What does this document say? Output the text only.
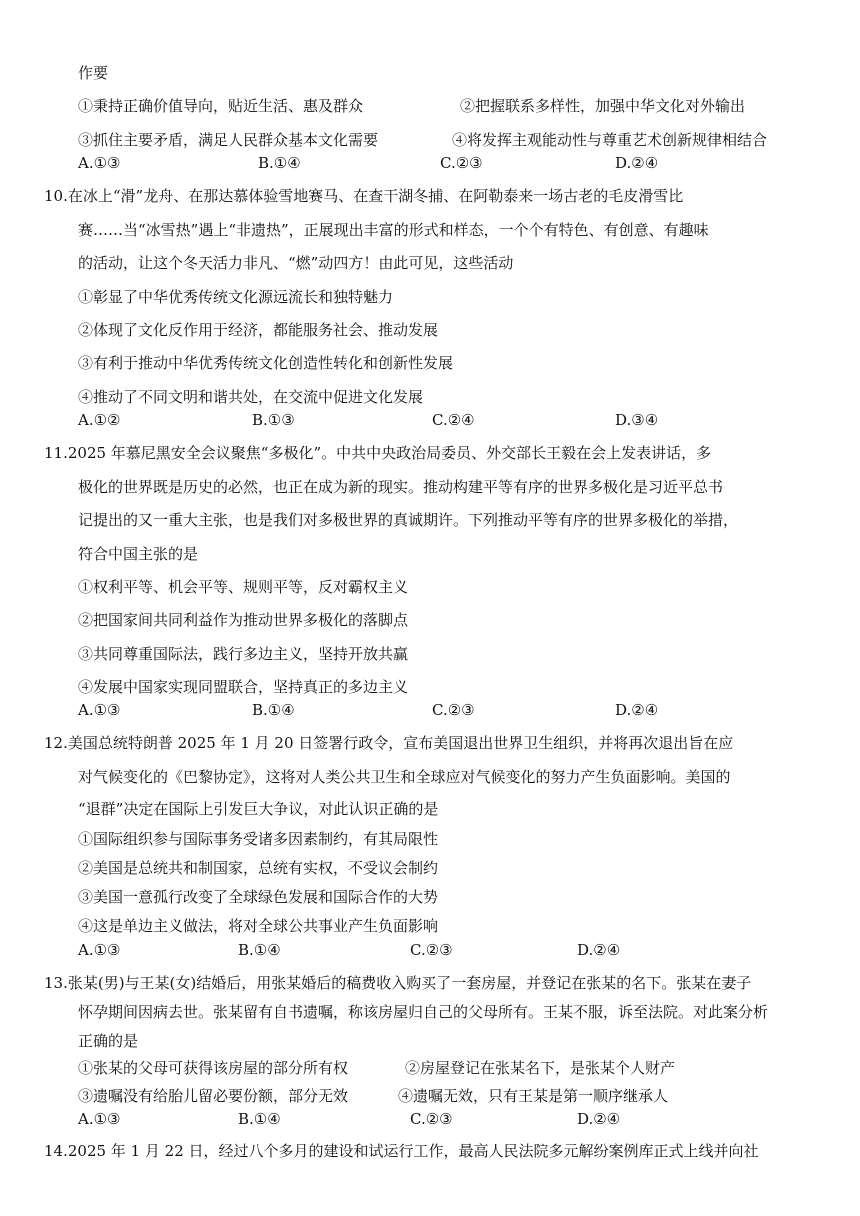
作要
①秉持正确价值导向，贴近生活、惠及群众	②把握联系多样性，加强中华文化对外输出
③抓住主要矛盾，满足人民群众基本文化需要	④将发挥主观能动性与尊重艺术创新规律相结合
A.①③	B.①④	C.②③	D.②④
10.在冰上“滑”龙舟、在那达慕体验雪地赛马、在查干湖冬捕、在阿勒泰来一场古老的毛皮滑雪比
赛……当“冰雪热”遇上“非遗热”，正展现出丰富的形式和样态，一个个有特色、有创意、有趣味
的活动，让这个冬天活力非凡、“燃”动四方！由此可见，这些活动
①彰显了中华优秀传统文化源远流长和独特魅力
②体现了文化反作用于经济，都能服务社会、推动发展
③有利于推动中华优秀传统文化创造性转化和创新性发展
④推动了不同文明和谐共处，在交流中促进文化发展
A.①②	B.①③	C.②④	D.③④
11.2025 年慕尼黑安全会议聚焦“多极化”。中共中央政治局委员、外交部长王毅在会上发表讲话，多
极化的世界既是历史的必然，也正在成为新的现实。推动构建平等有序的世界多极化是习近平总书
记提出的又一重大主张，也是我们对多极世界的真诚期许。下列推动平等有序的世界多极化的举措，
符合中国主张的是
①权利平等、机会平等、规则平等，反对霸权主义
②把国家间共同利益作为推动世界多极化的落脚点
③共同尊重国际法，践行多边主义，坚持开放共赢
④发展中国家实现同盟联合，坚持真正的多边主义
A.①③	B.①④	C.②③	D.②④
12.美国总统特朗普 2025 年 1 月 20 日签署行政令，宣布美国退出世界卫生组织，并将再次退出旨在应
对气候变化的《巴黎协定》，这将对人类公共卫生和全球应对气候变化的努力产生负面影响。美国的
“退群”决定在国际上引发巨大争议，对此认识正确的是
①国际组织参与国际事务受诸多因素制约，有其局限性
②美国是总统共和制国家，总统有实权，不受议会制约
③美国一意孤行改变了全球绿色发展和国际合作的大势
④这是单边主义做法，将对全球公共事业产生负面影响
A.①③	B.①④	C.②③	D.②④
13.张某(男)与王某(女)结婚后，用张某婚后的稿费收入购买了一套房屋，并登记在张某的名下。张某在妻子
怀孕期间因病去世。张某留有自书遗嘱，称该房屋归自己的父母所有。王某不服，诉至法院。对此案分析
正确的是
①张某的父母可获得该房屋的部分所有权	②房屋登记在张某名下，是张某个人财产
③遗嘱没有给胎儿留必要份额，部分无效	④遗嘱无效，只有王某是第一顺序继承人
A.①③	B.①④	C.②③	D.②④
14.2025 年 1 月 22 日，经过八个多月的建设和试运行工作，最高人民法院多元解纷案例库正式上线并向社
